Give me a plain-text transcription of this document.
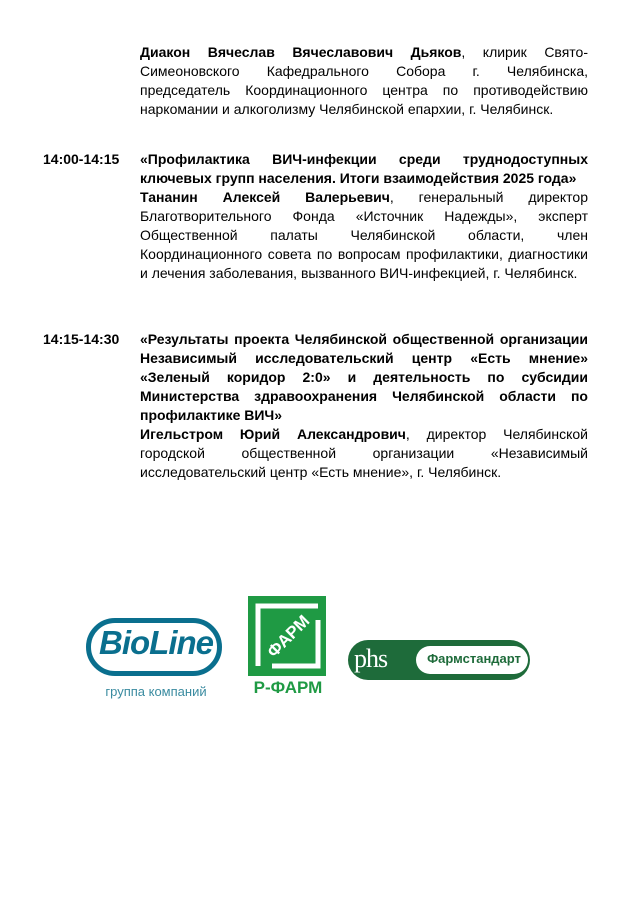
Диакон Вячеслав Вячеславович Дьяков, клирик Свято-Симеоновского Кафедрального Собора г. Челябинска, председатель Координационного центра по противодействию наркомании и алкоголизму Челябинской епархии, г. Челябинск.

14:00-14:15	«Профилактика ВИЧ-инфекции среди труднодоступных ключевых групп населения. Итоги взаимодействия 2025 года»

Тананин Алексей Валерьевич, генеральный директор Благотворительного Фонда «Источник Надежды», эксперт Общественной палаты Челябинской области, член Координационного совета по вопросам профилактики, диагностики и лечения заболевания, вызванного ВИЧ-инфекцией, г. Челябинск.

14:15-14:30	«Результаты проекта Челябинской общественной организации Независимый исследовательский центр «Есть мнение» «Зеленый коридор 2:0» и деятельность по субсидии Министерства здравоохранения Челябинской области по профилактике ВИЧ»

Игельстром Юрий Александрович, директор Челябинской городской общественной организации «Независимый исследовательский центр «Есть мнение», г. Челябинск.

BioLine
группа компаний
ФАРМ
Р-ФАРМ
phs	Фармстандарт
